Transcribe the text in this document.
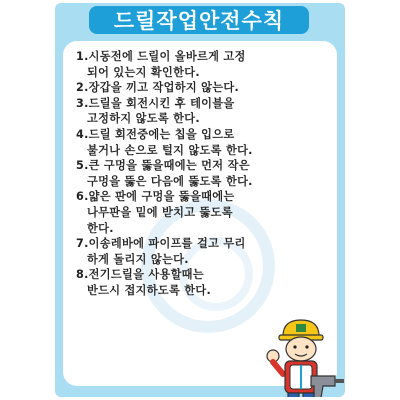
드릴작업안전수칙
1.시동전에 드릴이 올바르게 고정
되어 있는지 확인한다.
2.장갑을 끼고 작업하지 않는다.
3.드릴을 회전시킨 후 테이블을
고정하지 않도록 한다.
4.드릴 회전중에는 칩을 입으로
불거나 손으로 털지 않도록 한다.
5.큰 구멍을 뚫을때에는 먼저 작은
구멍을 뚫은 다음에 뚫도록 한다.
6.얇은 판에 구멍을 뚫을때에는
나무판을 밑에 받치고 뚫도록
한다.
7.이송레바에 파이프를 걸고 무리
하게 돌리지 않는다.
8.전기드릴을 사용할때는
반드시 접지하도록 한다.
